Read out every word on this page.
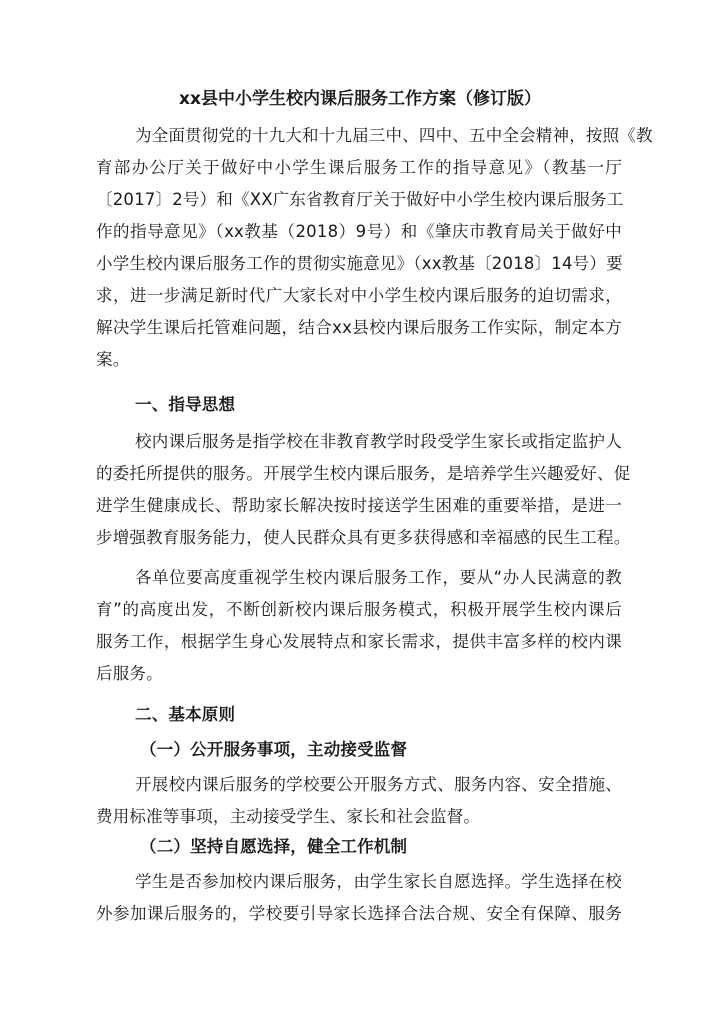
xx县中小学生校内课后服务工作方案（修订版）
为全面贯彻党的十九大和十九届三中、四中、五中全会精神，按照《教
育部办公厅关于做好中小学生课后服务工作的指导意见》（教基一厅
〔2017〕2号）和《XX广东省教育厅关于做好中小学生校内课后服务工
作的指导意见》（xx教基（2018）9号）和《肇庆市教育局关于做好中
小学生校内课后服务工作的贯彻实施意见》（xx教基〔2018〕14号）要
求，进一步满足新时代广大家长对中小学生校内课后服务的迫切需求，
解决学生课后托管难问题，结合xx县校内课后服务工作实际，制定本方
案。
一、指导思想
校内课后服务是指学校在非教育教学时段受学生家长或指定监护人
的委托所提供的服务。开展学生校内课后服务，是培养学生兴趣爱好、促
进学生健康成长、帮助家长解决按时接送学生困难的重要举措，是进一
步增强教育服务能力，使人民群众具有更多获得感和幸福感的民生工程。
各单位要高度重视学生校内课后服务工作，要从“办人民满意的教
育”的高度出发，不断创新校内课后服务模式，积极开展学生校内课后
服务工作，根据学生身心发展特点和家长需求，提供丰富多样的校内课
后服务。
二、基本原则
（一）公开服务事项，主动接受监督
开展校内课后服务的学校要公开服务方式、服务内容、安全措施、
费用标准等事项，主动接受学生、家长和社会监督。
（二）坚持自愿选择，健全工作机制
学生是否参加校内课后服务，由学生家长自愿选择。学生选择在校
外参加课后服务的，学校要引导家长选择合法合规、安全有保障、服务
